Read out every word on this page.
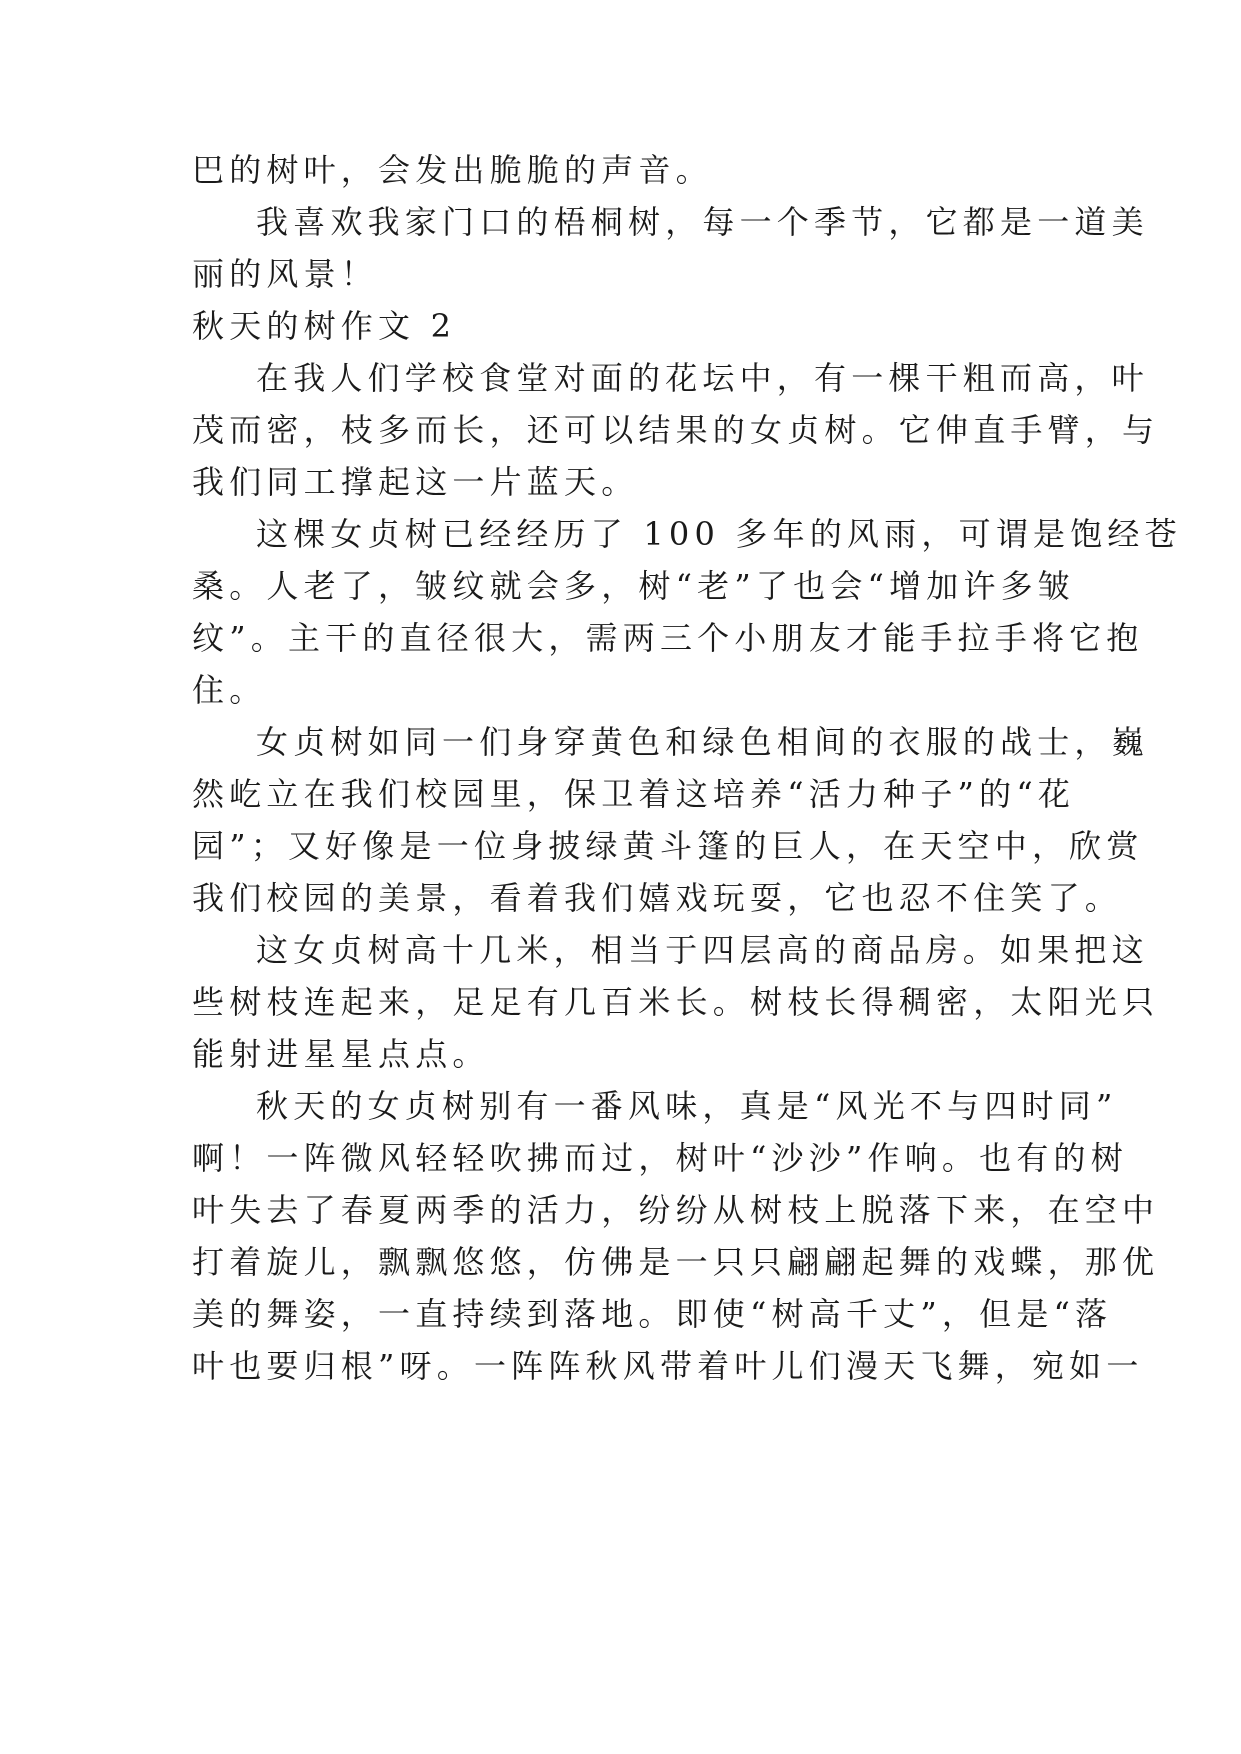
巴的树叶，会发出脆脆的声音。
我喜欢我家门口的梧桐树，每一个季节，它都是一道美
丽的风景！
秋天的树作文 2
在我人们学校食堂对面的花坛中，有一棵干粗而高，叶
茂而密，枝多而长，还可以结果的女贞树。它伸直手臂，与
我们同工撑起这一片蓝天。
这棵女贞树已经经历了 100 多年的风雨，可谓是饱经苍
桑。人老了，皱纹就会多，树“老”了也会“增加许多皱
纹”。主干的直径很大，需两三个小朋友才能手拉手将它抱
住。
女贞树如同一们身穿黄色和绿色相间的衣服的战士，巍
然屹立在我们校园里，保卫着这培养“活力种子”的“花
园”；又好像是一位身披绿黄斗篷的巨人，在天空中，欣赏
我们校园的美景，看着我们嬉戏玩耍，它也忍不住笑了。
这女贞树高十几米，相当于四层高的商品房。如果把这
些树枝连起来，足足有几百米长。树枝长得稠密，太阳光只
能射进星星点点。
秋天的女贞树别有一番风味，真是“风光不与四时同”
啊！一阵微风轻轻吹拂而过，树叶“沙沙”作响。也有的树
叶失去了春夏两季的活力，纷纷从树枝上脱落下来，在空中
打着旋儿，飘飘悠悠，仿佛是一只只翩翩起舞的戏蝶，那优
美的舞姿，一直持续到落地。即使“树高千丈”，但是“落
叶也要归根”呀。一阵阵秋风带着叶儿们漫天飞舞，宛如一
